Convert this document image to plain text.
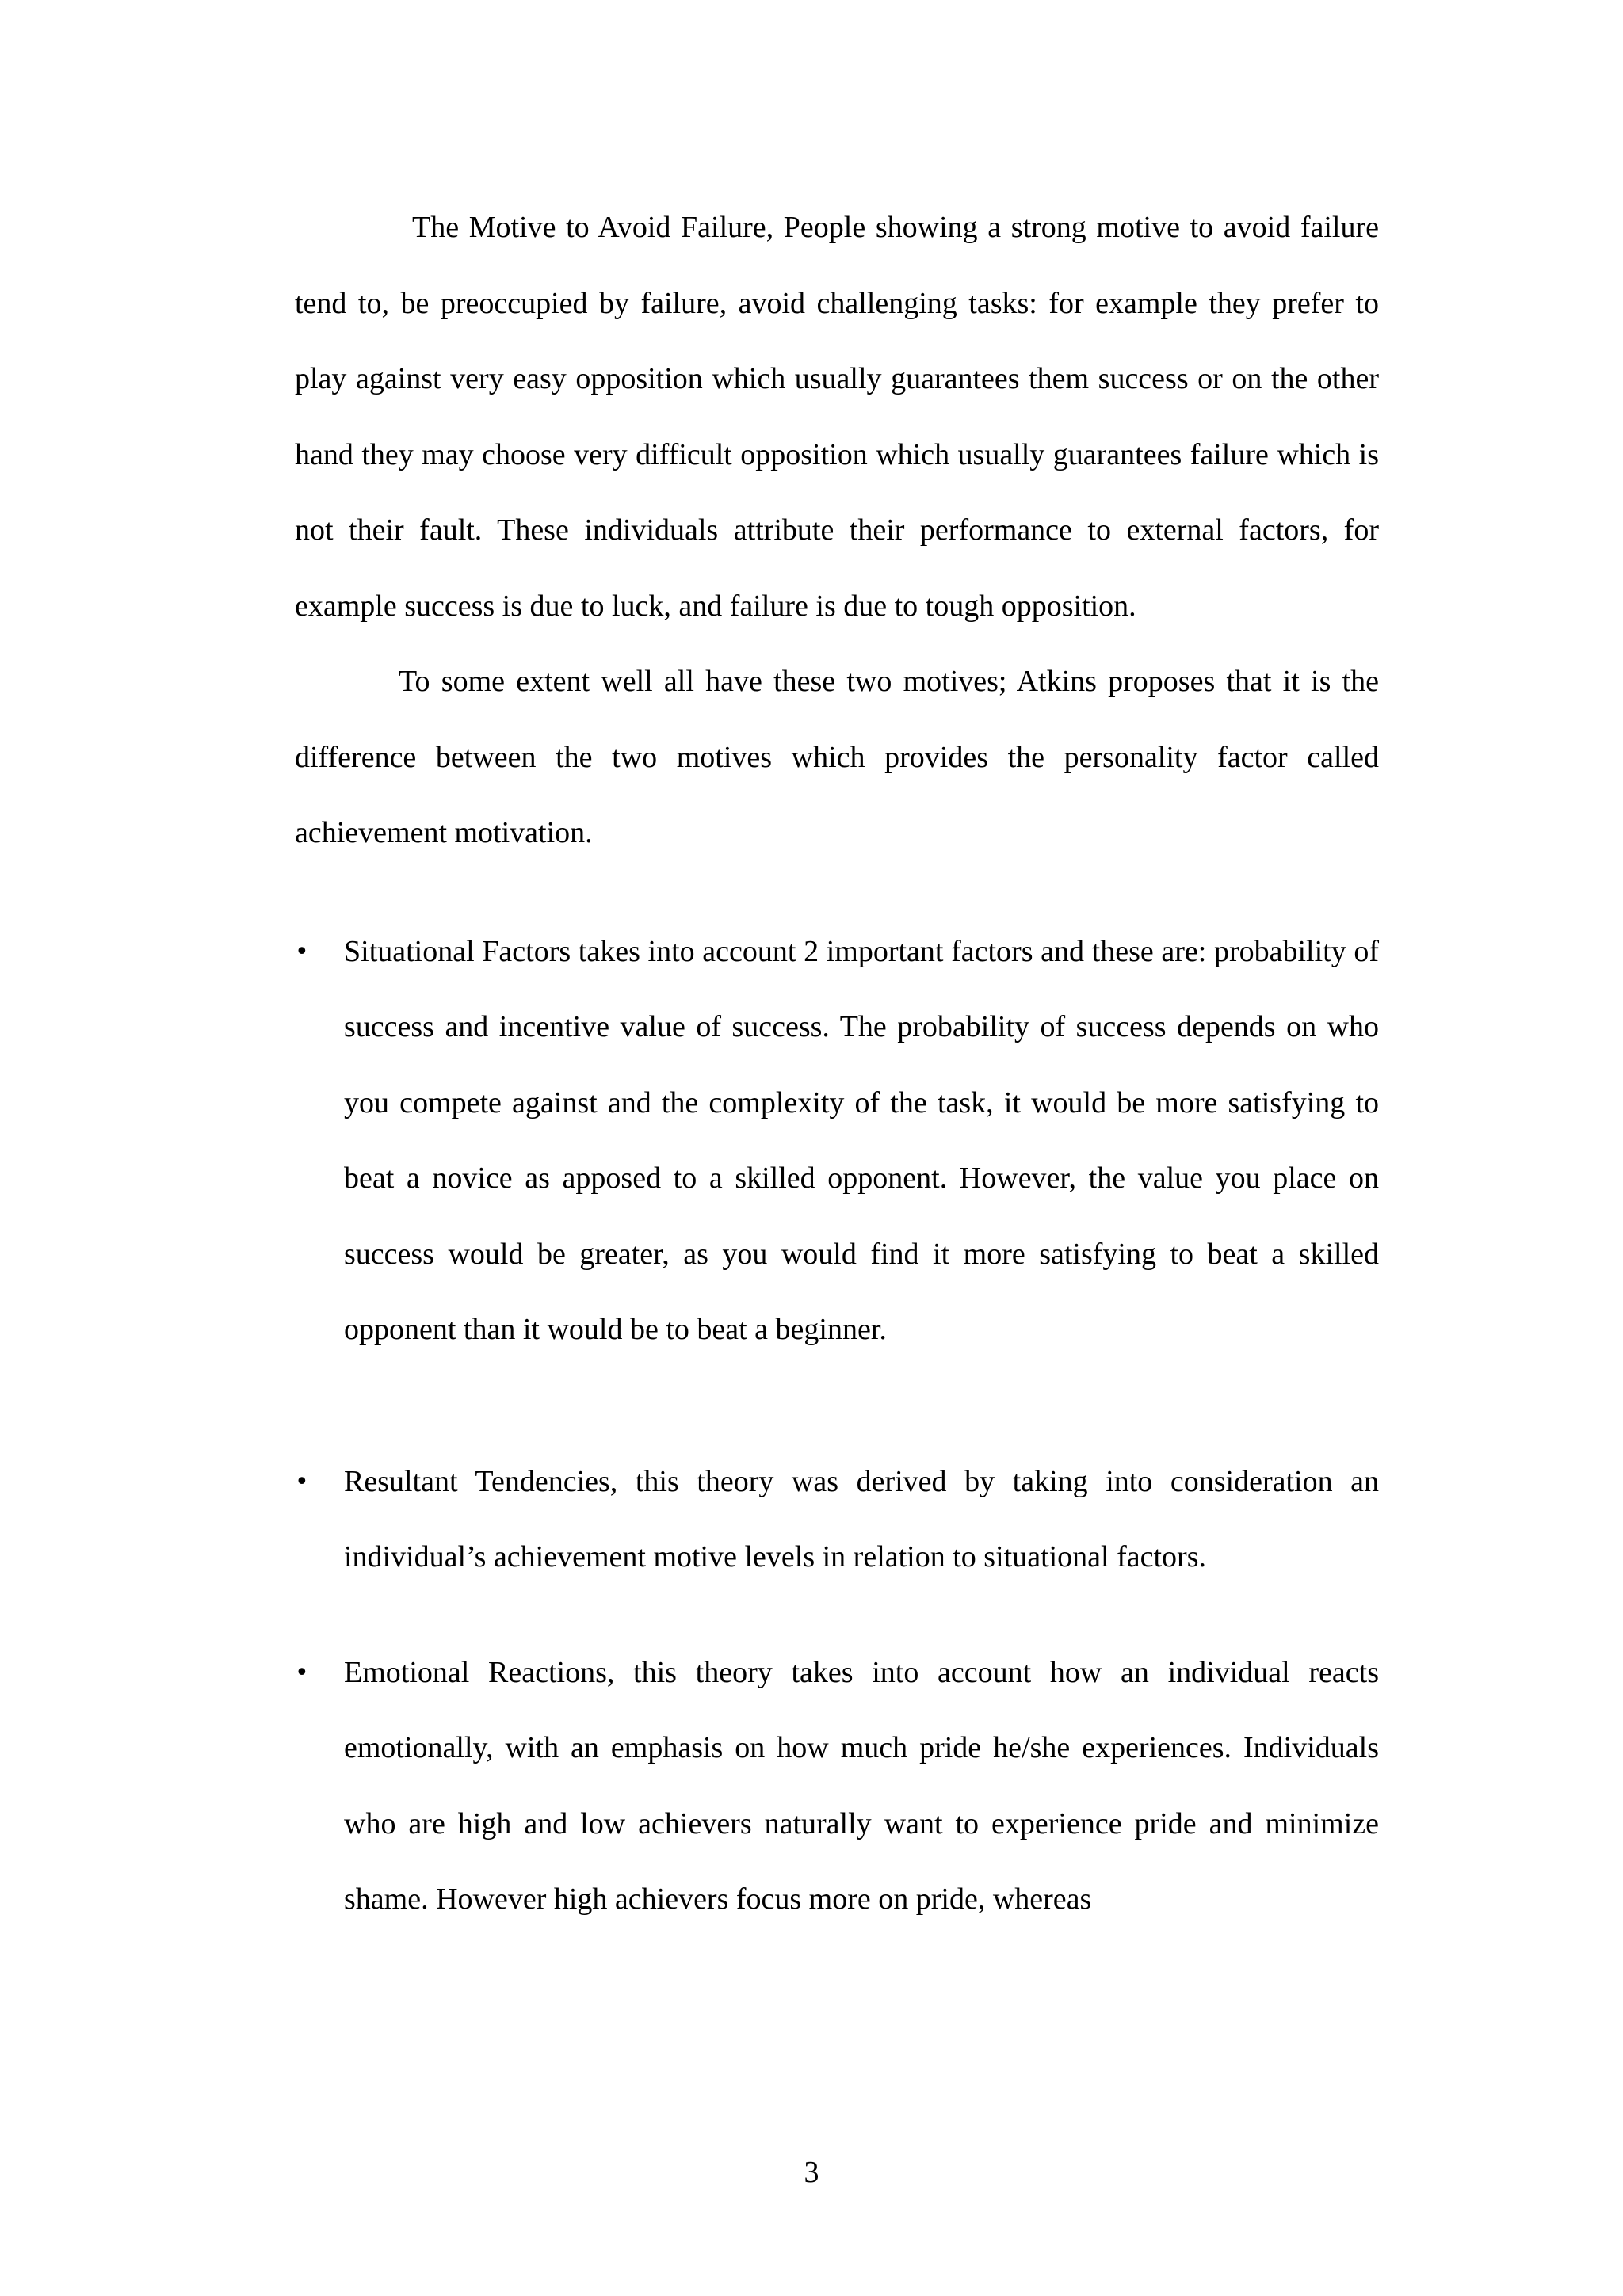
The Motive to Avoid Failure, People showing a strong motive to avoid failure tend to, be preoccupied by failure, avoid challenging tasks: for example they prefer to play against very easy opposition which usually guarantees them success or on the other hand they may choose very difficult opposition which usually guarantees failure which is not their fault. These individuals attribute their performance to external factors, for example success is due to luck, and failure is due to tough opposition.

To some extent well all have these two motives; Atkins proposes that it is the difference between the two motives which provides the personality factor called achievement motivation.

• Situational Factors takes into account 2 important factors and these are: probability of success and incentive value of success. The probability of success depends on who you compete against and the complexity of the task, it would be more satisfying to beat a novice as apposed to a skilled opponent. However, the value you place on success would be greater, as you would find it more satisfying to beat a skilled opponent than it would be to beat a beginner.
• Resultant Tendencies, this theory was derived by taking into consideration an individual’s achievement motive levels in relation to situational factors.
• Emotional Reactions, this theory takes into account how an individual reacts emotionally, with an emphasis on how much pride he/she experiences. Individuals who are high and low achievers naturally want to experience pride and minimize shame. However high achievers focus more on pride, whereas
3
